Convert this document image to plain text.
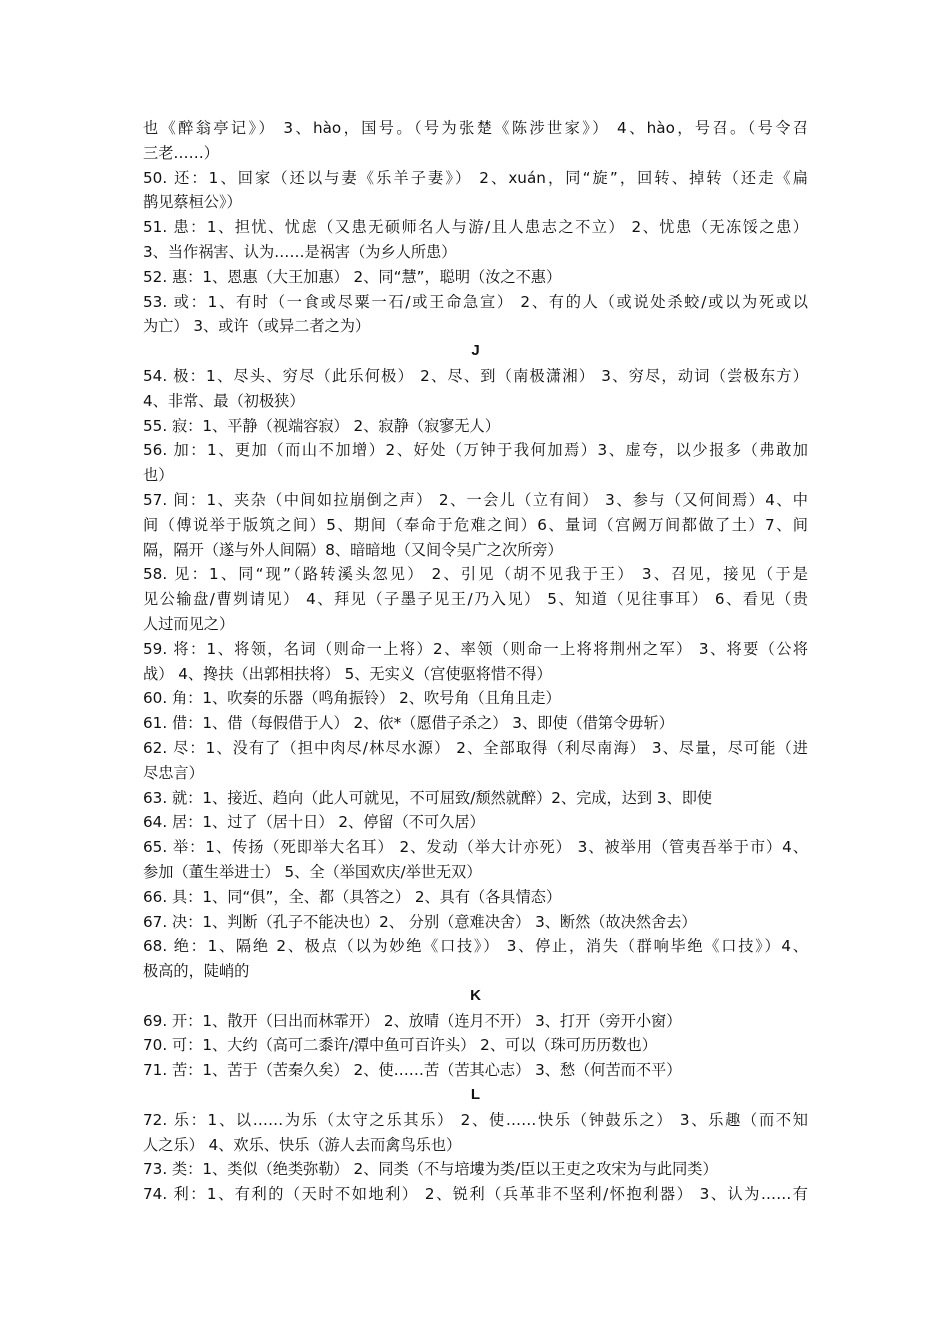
也《醉翁亭记》） 3、hào，国号。（号为张楚《陈涉世家》） 4、hào，号召。（号令召
三老……）
50. 还：1、回家（还以与妻《乐羊子妻》） 2、xuán，同“旋”，回转、掉转（还走《扁
鹊见蔡桓公》）
51. 患：1、担忧、忧虑（又患无硕师名人与游/且人患志之不立） 2、忧患（无冻馁之患）
3、当作祸害、认为……是祸害（为乡人所患）
52. 惠：1、恩惠（大王加惠） 2、同“慧”，聪明（汝之不惠）
53. 或：1、有时（一食或尽粟一石/或王命急宣） 2、有的人（或说处杀蛟/或以为死或以
为亡） 3、或许（或异二者之为）
J
54. 极：1、尽头、穷尽（此乐何极） 2、尽、到（南极潇湘） 3、穷尽，动词（尝极东方）
4、非常、最（初极狭）
55. 寂：1、平静（视端容寂） 2、寂静（寂寥无人）
56. 加：1、更加（而山不加增）2、好处（万钟于我何加焉）3、虚夸，以少报多（弗敢加
也）
57. 间：1、夹杂（中间如拉崩倒之声） 2、一会儿（立有间） 3、参与（又何间焉）4、中
间（傅说举于版筑之间）5、期间（奉命于危难之间）6、量词（宫阙万间都做了土）7、间
隔，隔开（遂与外人间隔）8、暗暗地（又间令吴广之次所旁）
58. 见：1、同“现”（路转溪头忽见） 2、引见（胡不见我于王） 3、召见，接见（于是
见公输盘/曹刿请见） 4、拜见（子墨子见王/乃入见） 5、知道（见往事耳） 6、看见（贵
人过而见之）
59. 将：1、将领，名词（则命一上将）2、率领（则命一上将将荆州之军） 3、将要（公将
战） 4、搀扶（出郭相扶将） 5、无实义（宫使驱将惜不得）
60. 角：1、吹奏的乐器（鸣角振铃） 2、吹号角（且角且走）
61. 借：1、借（每假借于人） 2、依*（愿借子杀之） 3、即使（借第令毋斩）
62. 尽：1、没有了（担中肉尽/林尽水源） 2、全部取得（利尽南海） 3、尽量，尽可能（进
尽忠言）
63. 就：1、接近、趋向（此人可就见，不可屈致/颓然就醉）2、完成，达到 3、即使
64. 居：1、过了（居十日） 2、停留（不可久居）
65. 举：1、传扬（死即举大名耳） 2、发动（举大计亦死） 3、被举用（管夷吾举于市）4、
参加（董生举进士） 5、全（举国欢庆/举世无双）
66. 具：1、同“俱”，全、都（具答之） 2、具有（各具情态）
67. 决：1、判断（孔子不能决也）2、 分别（意难决舍） 3、断然（故决然舍去）
68. 绝：1、隔绝 2、极点（以为妙绝《口技》） 3、停止，消失（群响毕绝《口技》）4、
极高的，陡峭的
K
69. 开：1、散开（曰出而林霏开） 2、放晴（连月不开） 3、打开（旁开小窗）
70. 可：1、大约（高可二黍许/潭中鱼可百许头） 2、可以（珠可历历数也）
71. 苦：1、苦于（苦秦久矣） 2、使……苦（苦其心志） 3、愁（何苦而不平）
L
72. 乐：1、以……为乐（太守之乐其乐） 2、使……快乐（钟鼓乐之） 3、乐趣（而不知
人之乐） 4、欢乐、快乐（游人去而禽鸟乐也）
73. 类：1、类似（绝类弥勒） 2、同类（不与培塿为类/臣以王吏之攻宋为与此同类）
74. 利：1、有利的（天时不如地利） 2、锐利（兵革非不坚利/怀抱利器） 3、认为……有
